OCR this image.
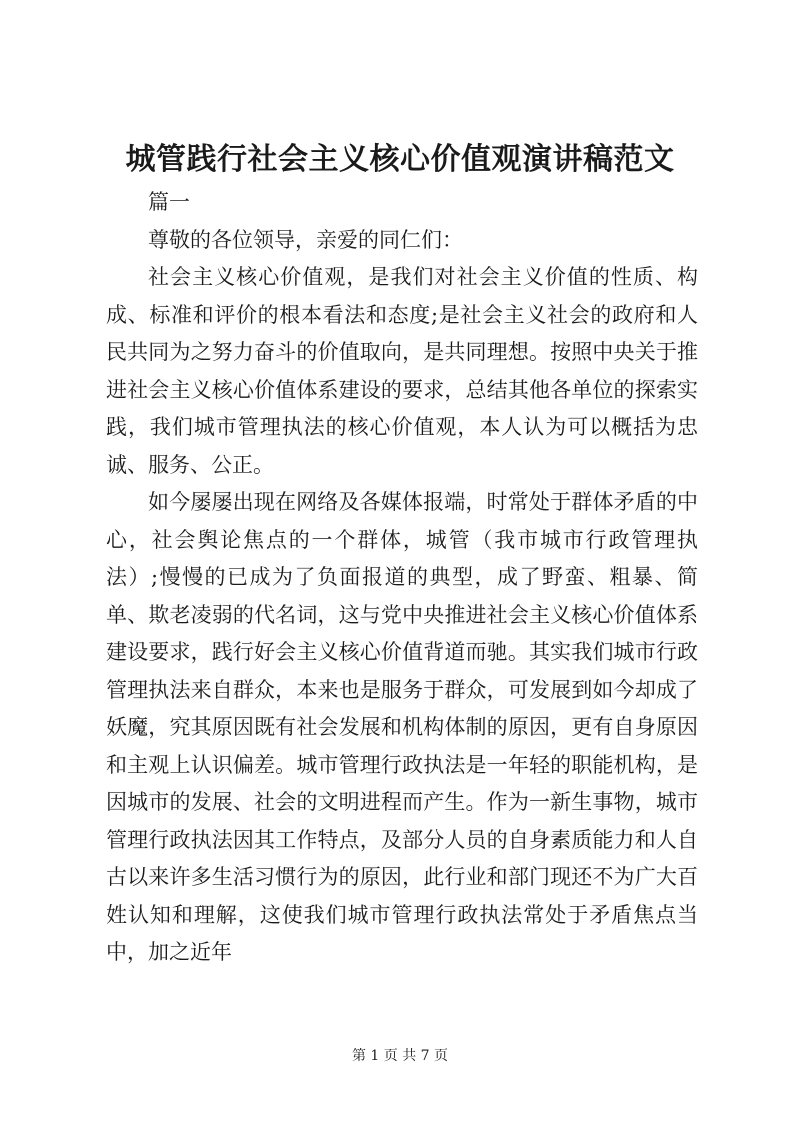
城管践行社会主义核心价值观演讲稿范文

篇一

尊敬的各位领导，亲爱的同仁们：

社会主义核心价值观，是我们对社会主义价值的性质、构成、标准和评价的根本看法和态度;是社会主义社会的政府和人民共同为之努力奋斗的价值取向，是共同理想。按照中央关于推进社会主义核心价值体系建设的要求，总结其他各单位的探索实践，我们城市管理执法的核心价值观，本人认为可以概括为忠诚、服务、公正。

如今屡屡出现在网络及各媒体报端，时常处于群体矛盾的中心，社会舆论焦点的一个群体，城管（我市城市行政管理执法）;慢慢的已成为了负面报道的典型，成了野蛮、粗暴、简单、欺老凌弱的代名词，这与党中央推进社会主义核心价值体系建设要求，践行好会主义核心价值背道而驰。其实我们城市行政管理执法来自群众，本来也是服务于群众，可发展到如今却成了妖魔，究其原因既有社会发展和机构体制的原因，更有自身原因和主观上认识偏差。城市管理行政执法是一年轻的职能机构，是因城市的发展、社会的文明进程而产生。作为一新生事物，城市管理行政执法因其工作特点，及部分人员的自身素质能力和人自古以来许多生活习惯行为的原因，此行业和部门现还不为广大百姓认知和理解，这使我们城市管理行政执法常处于矛盾焦点当中，加之近年

第 1 页 共 7 页
